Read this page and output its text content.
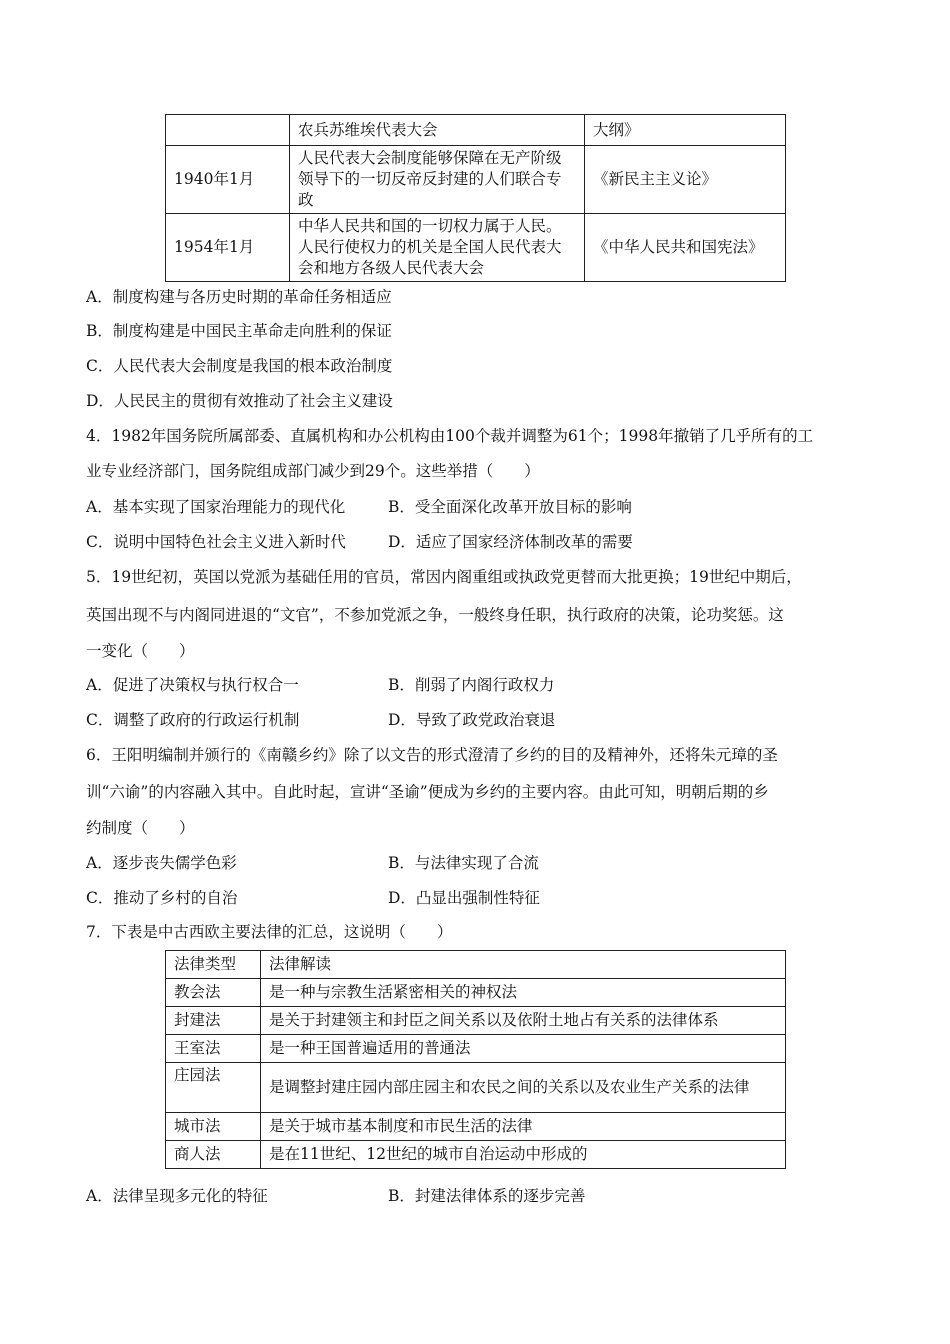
	农兵苏维埃代表大会	大纲》
1940年1月	人民代表大会制度能够保障在无产阶级领导下的一切反帝反封建的人们联合专政	《新民主主义论》
1954年1月	中华人民共和国的一切权力属于人民。人民行使权力的机关是全国人民代表大会和地方各级人民代表大会	《中华人民共和国宪法》
A．制度构建与各历史时期的革命任务相适应
B．制度构建是中国民主革命走向胜利的保证
C．人民代表大会制度是我国的根本政治制度
D．人民民主的贯彻有效推动了社会主义建设
4．1982年国务院所属部委、直属机构和办公机构由100个裁并调整为61个；1998年撤销了几乎所有的工
业专业经济部门，国务院组成部门减少到29个。这些举措（　　）
A．基本实现了国家治理能力的现代化	B．受全面深化改革开放目标的影响
C．说明中国特色社会主义进入新时代	D．适应了国家经济体制改革的需要
5．19世纪初，英国以党派为基础任用的官员，常因内阁重组或执政党更替而大批更换；19世纪中期后，
英国出现不与内阁同进退的“文官”，不参加党派之争，一般终身任职，执行政府的决策，论功奖惩。这
一变化（　　）
A．促进了决策权与执行权合一	B．削弱了内阁行政权力
C．调整了政府的行政运行机制	D．导致了政党政治衰退
6．王阳明编制并颁行的《南赣乡约》除了以文告的形式澄清了乡约的目的及精神外，还将朱元璋的圣
训“六谕”的内容融入其中。自此时起，宣讲“圣谕”便成为乡约的主要内容。由此可知，明朝后期的乡
约制度（　　）
A．逐步丧失儒学色彩	B．与法律实现了合流
C．推动了乡村的自治	D．凸显出强制性特征
7．下表是中古西欧主要法律的汇总，这说明（　　）
法律类型	法律解读
教会法	是一种与宗教生活紧密相关的神权法
封建法	是关于封建领主和封臣之间关系以及依附土地占有关系的法律体系
王室法	是一种王国普遍适用的普通法
庄园法	是调整封建庄园内部庄园主和农民之间的关系以及农业生产关系的法律
城市法	是关于城市基本制度和市民生活的法律
商人法	是在11世纪、12世纪的城市自治运动中形成的
A．法律呈现多元化的特征	B．封建法律体系的逐步完善
